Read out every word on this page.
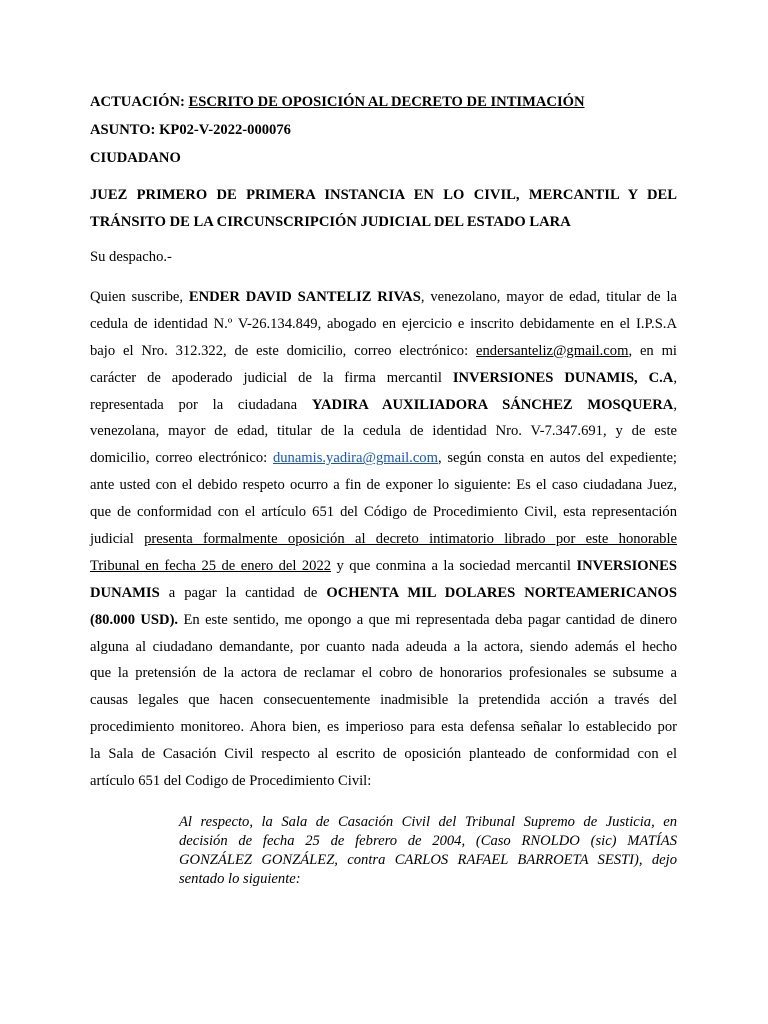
ACTUACIÓN: ESCRITO DE OPOSICIÓN AL DECRETO DE INTIMACIÓN
ASUNTO: KP02-V-2022-000076
CIUDADANO
JUEZ PRIMERO DE PRIMERA INSTANCIA EN LO CIVIL, MERCANTIL Y DEL
TRÁNSITO DE LA CIRCUNSCRIPCIÓN JUDICIAL DEL ESTADO LARA
Su despacho.-
Quien suscribe, ENDER DAVID SANTELIZ RIVAS, venezolano, mayor de edad, titular de la
cedula de identidad N.º V-26.134.849, abogado en ejercicio e inscrito debidamente en el I.P.S.A
bajo el Nro. 312.322, de este domicilio, correo electrónico: endersanteliz@gmail.com, en mi
carácter de apoderado judicial de la firma mercantil INVERSIONES DUNAMIS, C.A,
representada por la ciudadana YADIRA AUXILIADORA SÁNCHEZ MOSQUERA,
venezolana, mayor de edad, titular de la cedula de identidad Nro. V-7.347.691, y de este
domicilio, correo electrónico: dunamis.yadira@gmail.com, según consta en autos del expediente;
ante usted con el debido respeto ocurro a fin de exponer lo siguiente: Es el caso ciudadana Juez,
que de conformidad con el artículo 651 del Código de Procedimiento Civil, esta representación
judicial presenta formalmente oposición al decreto intimatorio librado por este honorable
Tribunal en fecha 25 de enero del 2022 y que conmina a la sociedad mercantil INVERSIONES
DUNAMIS a pagar la cantidad de OCHENTA MIL DOLARES NORTEAMERICANOS
(80.000 USD). En este sentido, me opongo a que mi representada deba pagar cantidad de dinero
alguna al ciudadano demandante, por cuanto nada adeuda a la actora, siendo además el hecho
que la pretensión de la actora de reclamar el cobro de honorarios profesionales se subsume a
causas legales que hacen consecuentemente inadmisible la pretendida acción a través del
procedimiento monitoreo. Ahora bien, es imperioso para esta defensa señalar lo establecido por
la Sala de Casación Civil respecto al escrito de oposición planteado de conformidad con el
artículo 651 del Codigo de Procedimiento Civil:
Al respecto, la Sala de Casación Civil del Tribunal Supremo de Justicia, en
decisión de fecha 25 de febrero de 2004, (Caso RNOLDO (sic) MATÍAS
GONZÁLEZ GONZÁLEZ, contra CARLOS RAFAEL BARROETA SESTI), dejo
sentado lo siguiente:
